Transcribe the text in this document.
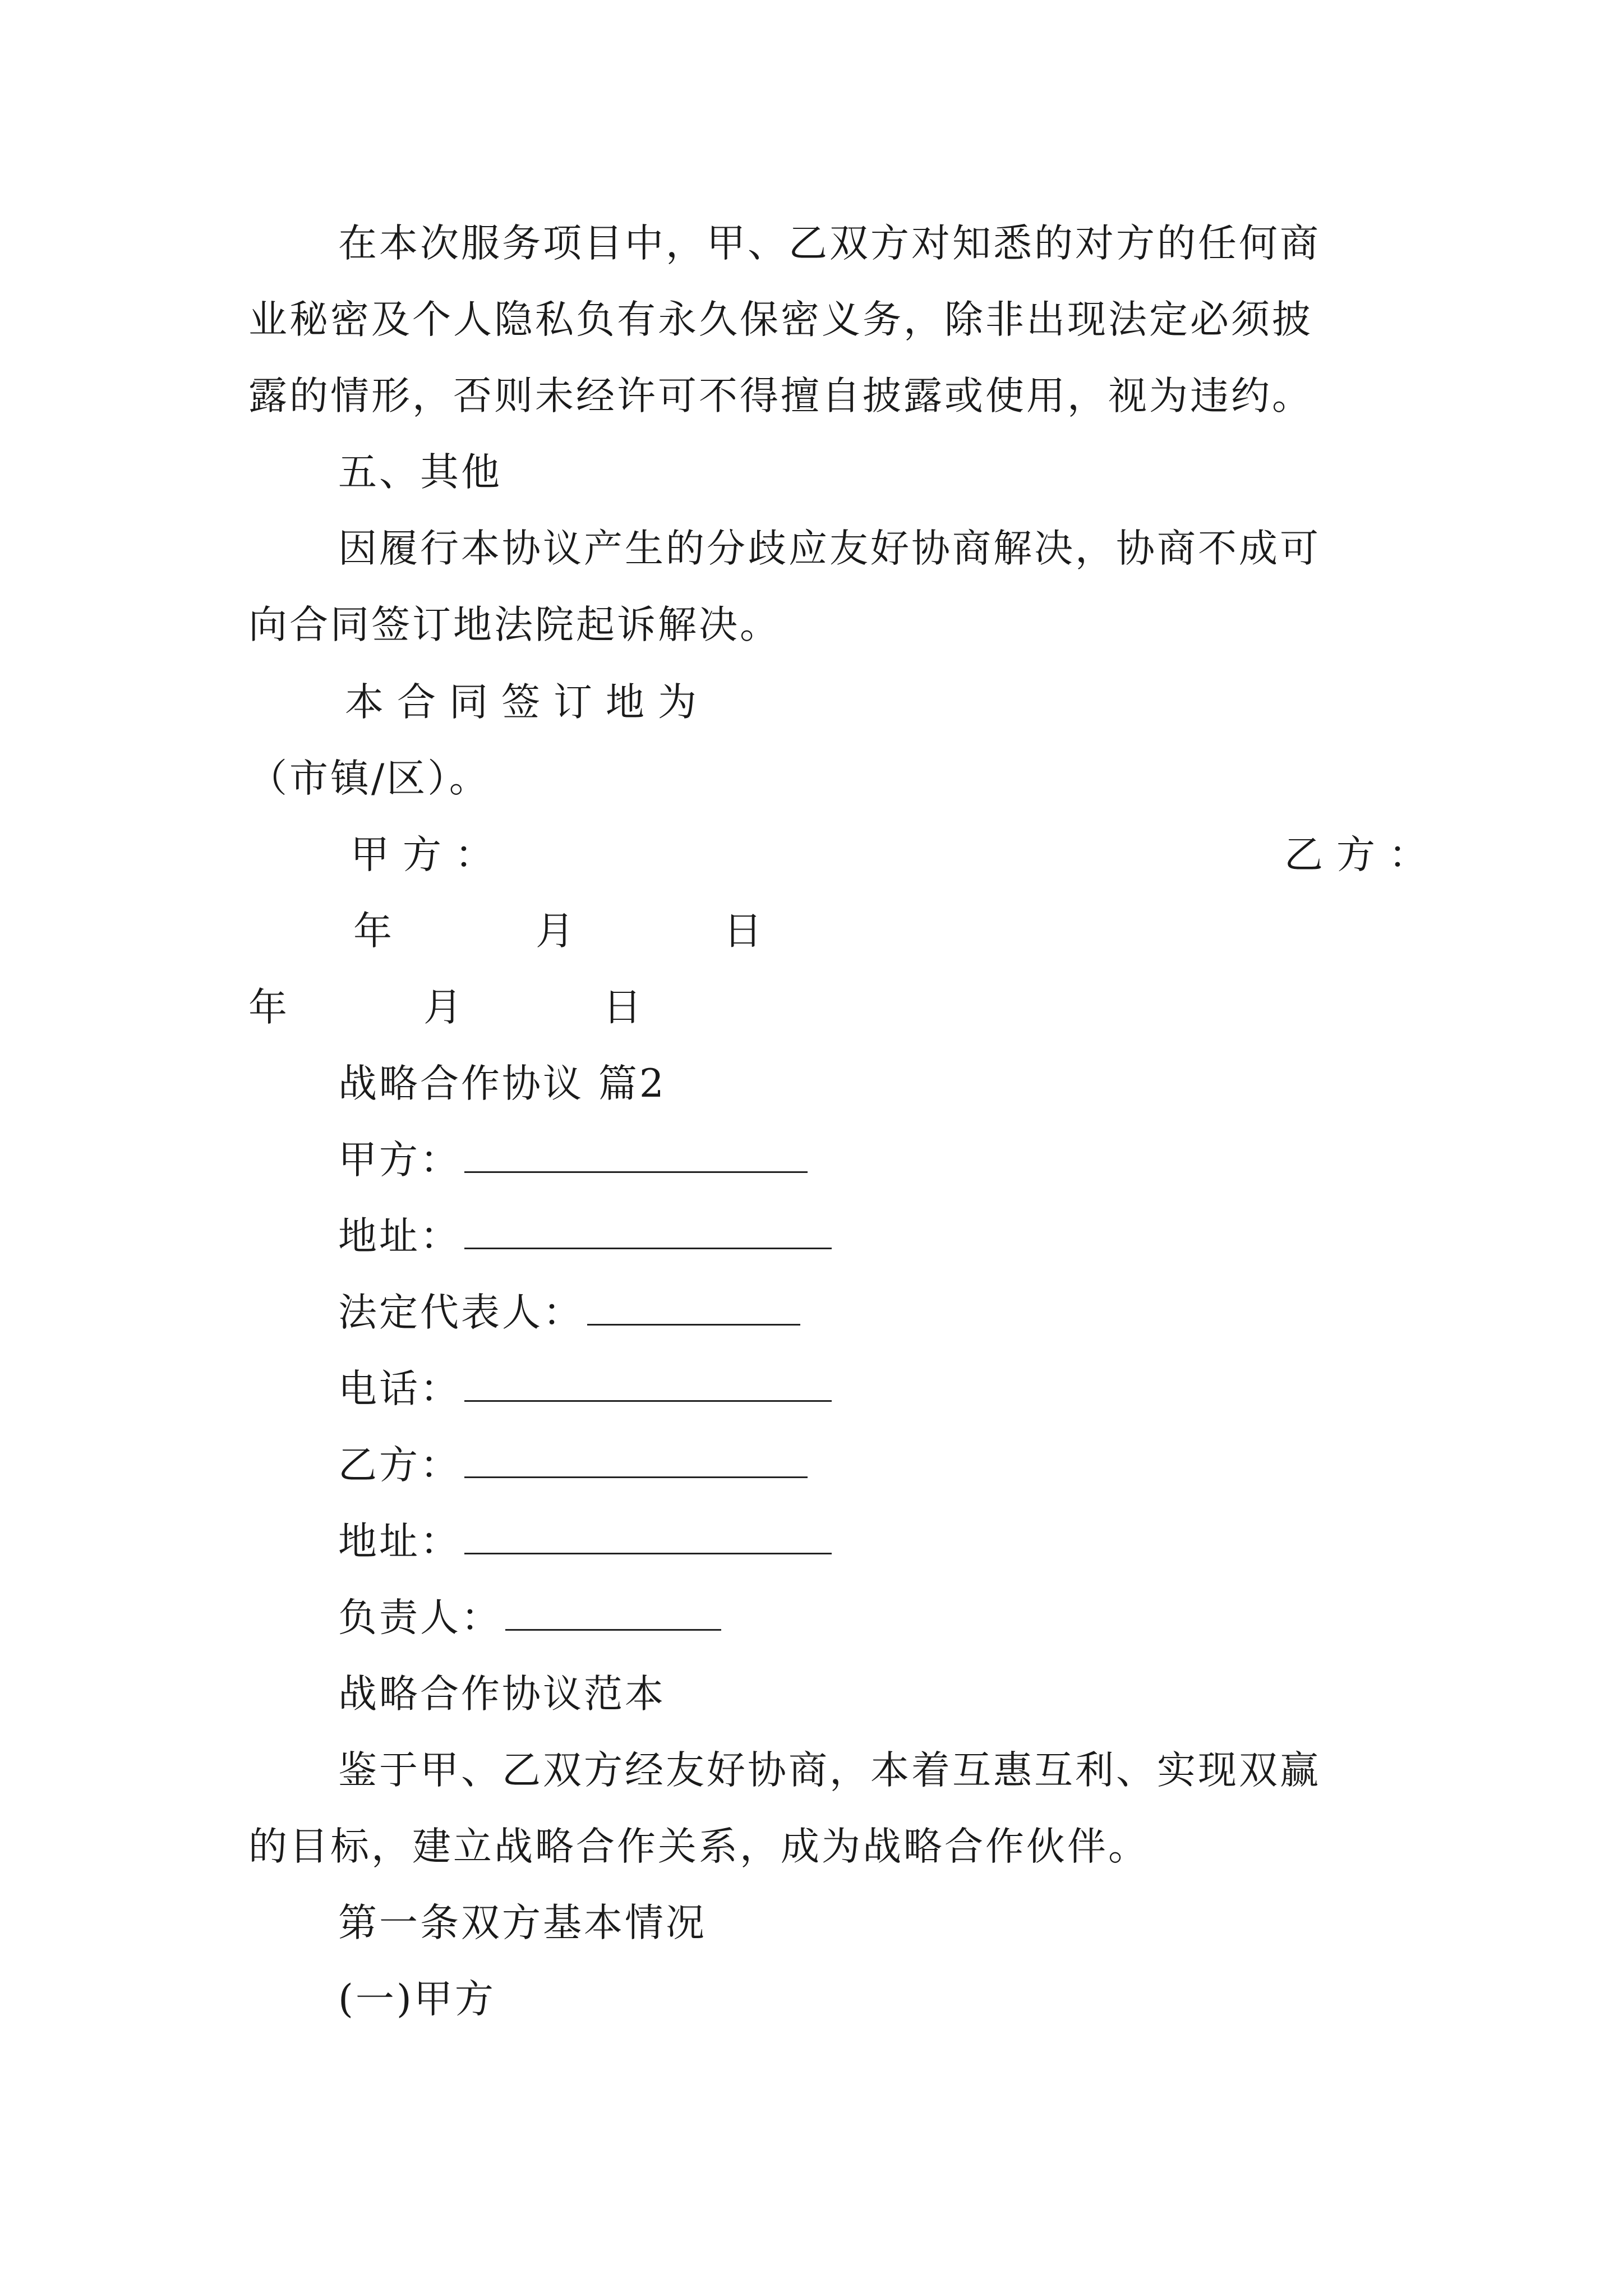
在本次服务项目中，甲、乙双方对知悉的对方的任何商
业秘密及个人隐私负有永久保密义务，除非出现法定必须披
露的情形，否则未经许可不得擅自披露或使用，视为违约。
五、其他
因履行本协议产生的分歧应友好协商解决，协商不成可
向合同签订地法院起诉解决。
本合同签订地为
（市镇/区）。
甲方：	乙方：
年	月	日
年	月	日
战略合作协议 篇2
甲方：
地址：
法定代表人：
电话：
乙方：
地址：
负责人：
战略合作协议范本
鉴于甲、乙双方经友好协商，本着互惠互利、实现双赢
的目标，建立战略合作关系，成为战略合作伙伴。
第一条双方基本情况
(一)甲方
